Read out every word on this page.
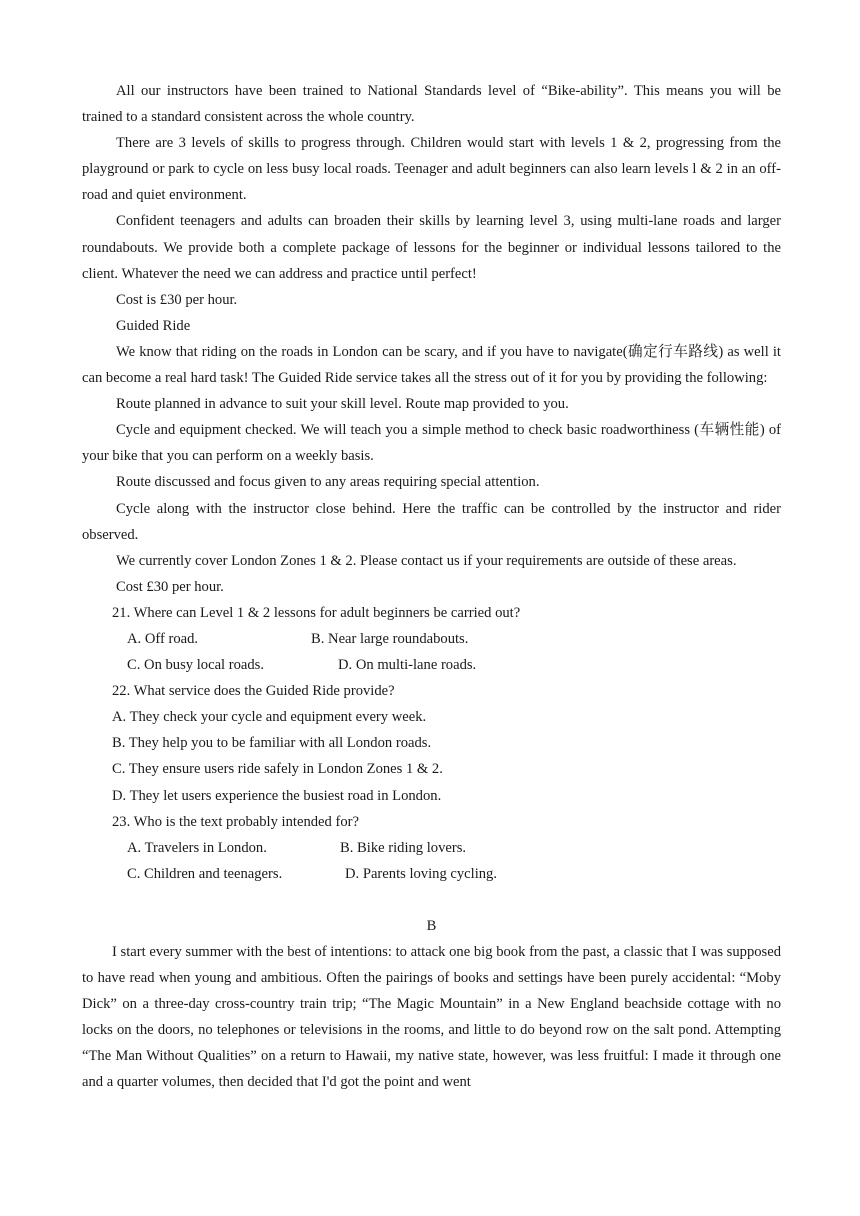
All our instructors have been trained to National Standards level of “Bike-ability”. This means you will be trained to a standard consistent across the whole country.

There are 3 levels of skills to progress through. Children would start with levels 1 & 2, progressing from the playground or park to cycle on less busy local roads. Teenager and adult beginners can also learn levels l & 2 in an off-road and quiet environment.

Confident teenagers and adults can broaden their skills by learning level 3, using multi-lane roads and larger roundabouts. We provide both a complete package of lessons for the beginner or individual lessons tailored to the client. Whatever the need we can address and practice until perfect!

Cost is £30 per hour.
Guided Ride

We know that riding on the roads in London can be scary, and if you have to navigate(确定行车路线) as well it can become a real hard task! The Guided Ride service takes all the stress out of it for you by providing the following:

Route planned in advance to suit your skill level. Route map provided to you.

Cycle and equipment checked. We will teach you a simple method to check basic roadworthiness (车辆性能) of your bike that you can perform on a weekly basis.

Route discussed and focus given to any areas requiring special attention.

Cycle along with the instructor close behind. Here the traffic can be controlled by the instructor and rider observed.

We currently cover London Zones 1 & 2. Please contact us if your requirements are outside of these areas.
Cost £30 per hour.
21. Where can Level 1 & 2 lessons for adult beginners be carried out?
A. Off road.	B. Near large roundabouts.
C. On busy local roads.	D. On multi-lane roads.
22. What service does the Guided Ride provide?
A. They check your cycle and equipment every week.
B. They help you to be familiar with all London roads.
C. They ensure users ride safely in London Zones 1 & 2.
D. They let users experience the busiest road in London.
23. Who is the text probably intended for?
A. Travelers in London.	B. Bike riding lovers.
C. Children and teenagers.	D. Parents loving cycling.
B

I start every summer with the best of intentions: to attack one big book from the past, a classic that I was supposed to have read when young and ambitious. Often the pairings of books and settings have been purely accidental: “Moby Dick” on a three-day cross-country train trip; “The Magic Mountain” in a New England beachside cottage with no locks on the doors, no telephones or televisions in the rooms, and little to do beyond row on the salt pond. Attempting “The Man Without Qualities” on a return to Hawaii, my native state, however, was less fruitful: I made it through one and a quarter volumes, then decided that I'd got the point and went
